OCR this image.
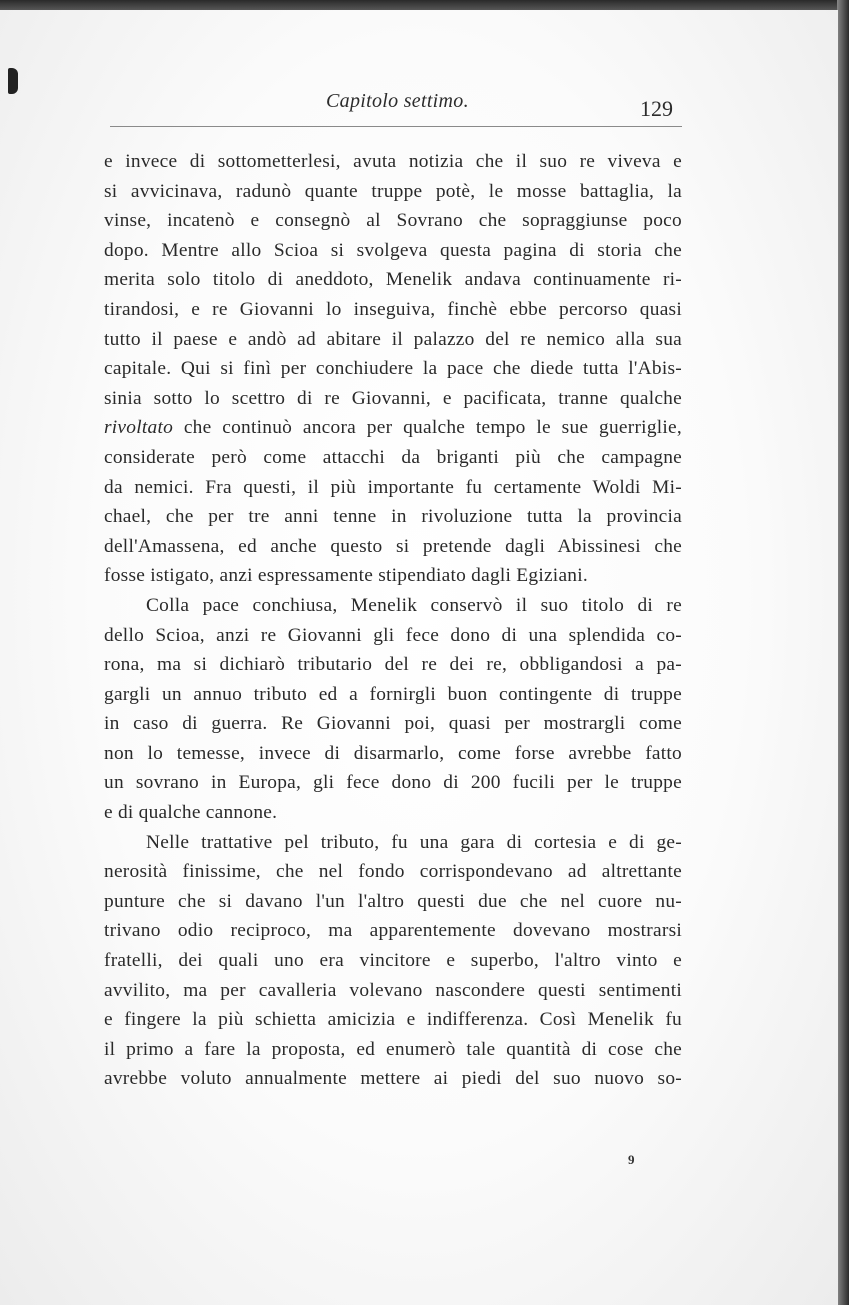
Capitolo settimo.	129

e invece di sottometterlesi, avuta notizia che il suo re viveva e

si avvicinava, radunò quante truppe potè, le mosse battaglia, la

vinse, incatenò e consegnò al Sovrano che sopraggiunse poco

dopo. Mentre allo Scioa si svolgeva questa pagina di storia che

merita solo titolo di aneddoto, Menelik andava continuamente ri-

tirandosi, e re Giovanni lo inseguiva, finchè ebbe percorso quasi

tutto il paese e andò ad abitare il palazzo del re nemico alla sua

capitale. Qui si finì per conchiudere la pace che diede tutta l'Abis-

sinia sotto lo scettro di re Giovanni, e pacificata, tranne qualche

rivoltato che continuò ancora per qualche tempo le sue guerriglie,

considerate però come attacchi da briganti più che campagne

da nemici. Fra questi, il più importante fu certamente Woldi Mi-

chael, che per tre anni tenne in rivoluzione tutta la provincia

dell'Amassena, ed anche questo si pretende dagli Abissinesi che

fosse istigato, anzi espressamente stipendiato dagli Egiziani.

Colla pace conchiusa, Menelik conservò il suo titolo di re

dello Scioa, anzi re Giovanni gli fece dono di una splendida co-

rona, ma si dichiarò tributario del re dei re, obbligandosi a pa-

gargli un annuo tributo ed a fornirgli buon contingente di truppe

in caso di guerra. Re Giovanni poi, quasi per mostrargli come

non lo temesse, invece di disarmarlo, come forse avrebbe fatto

un sovrano in Europa, gli fece dono di 200 fucili per le truppe

e di qualche cannone.

Nelle trattative pel tributo, fu una gara di cortesia e di ge-

nerosità finissime, che nel fondo corrispondevano ad altrettante

punture che si davano l'un l'altro questi due che nel cuore nu-

trivano odio reciproco, ma apparentemente dovevano mostrarsi

fratelli, dei quali uno era vincitore e superbo, l'altro vinto e

avvilito, ma per cavalleria volevano nascondere questi sentimenti

e fingere la più schietta amicizia e indifferenza. Così Menelik fu

il primo a fare la proposta, ed enumerò tale quantità di cose che

avrebbe voluto annualmente mettere ai piedi del suo nuovo so-

9
